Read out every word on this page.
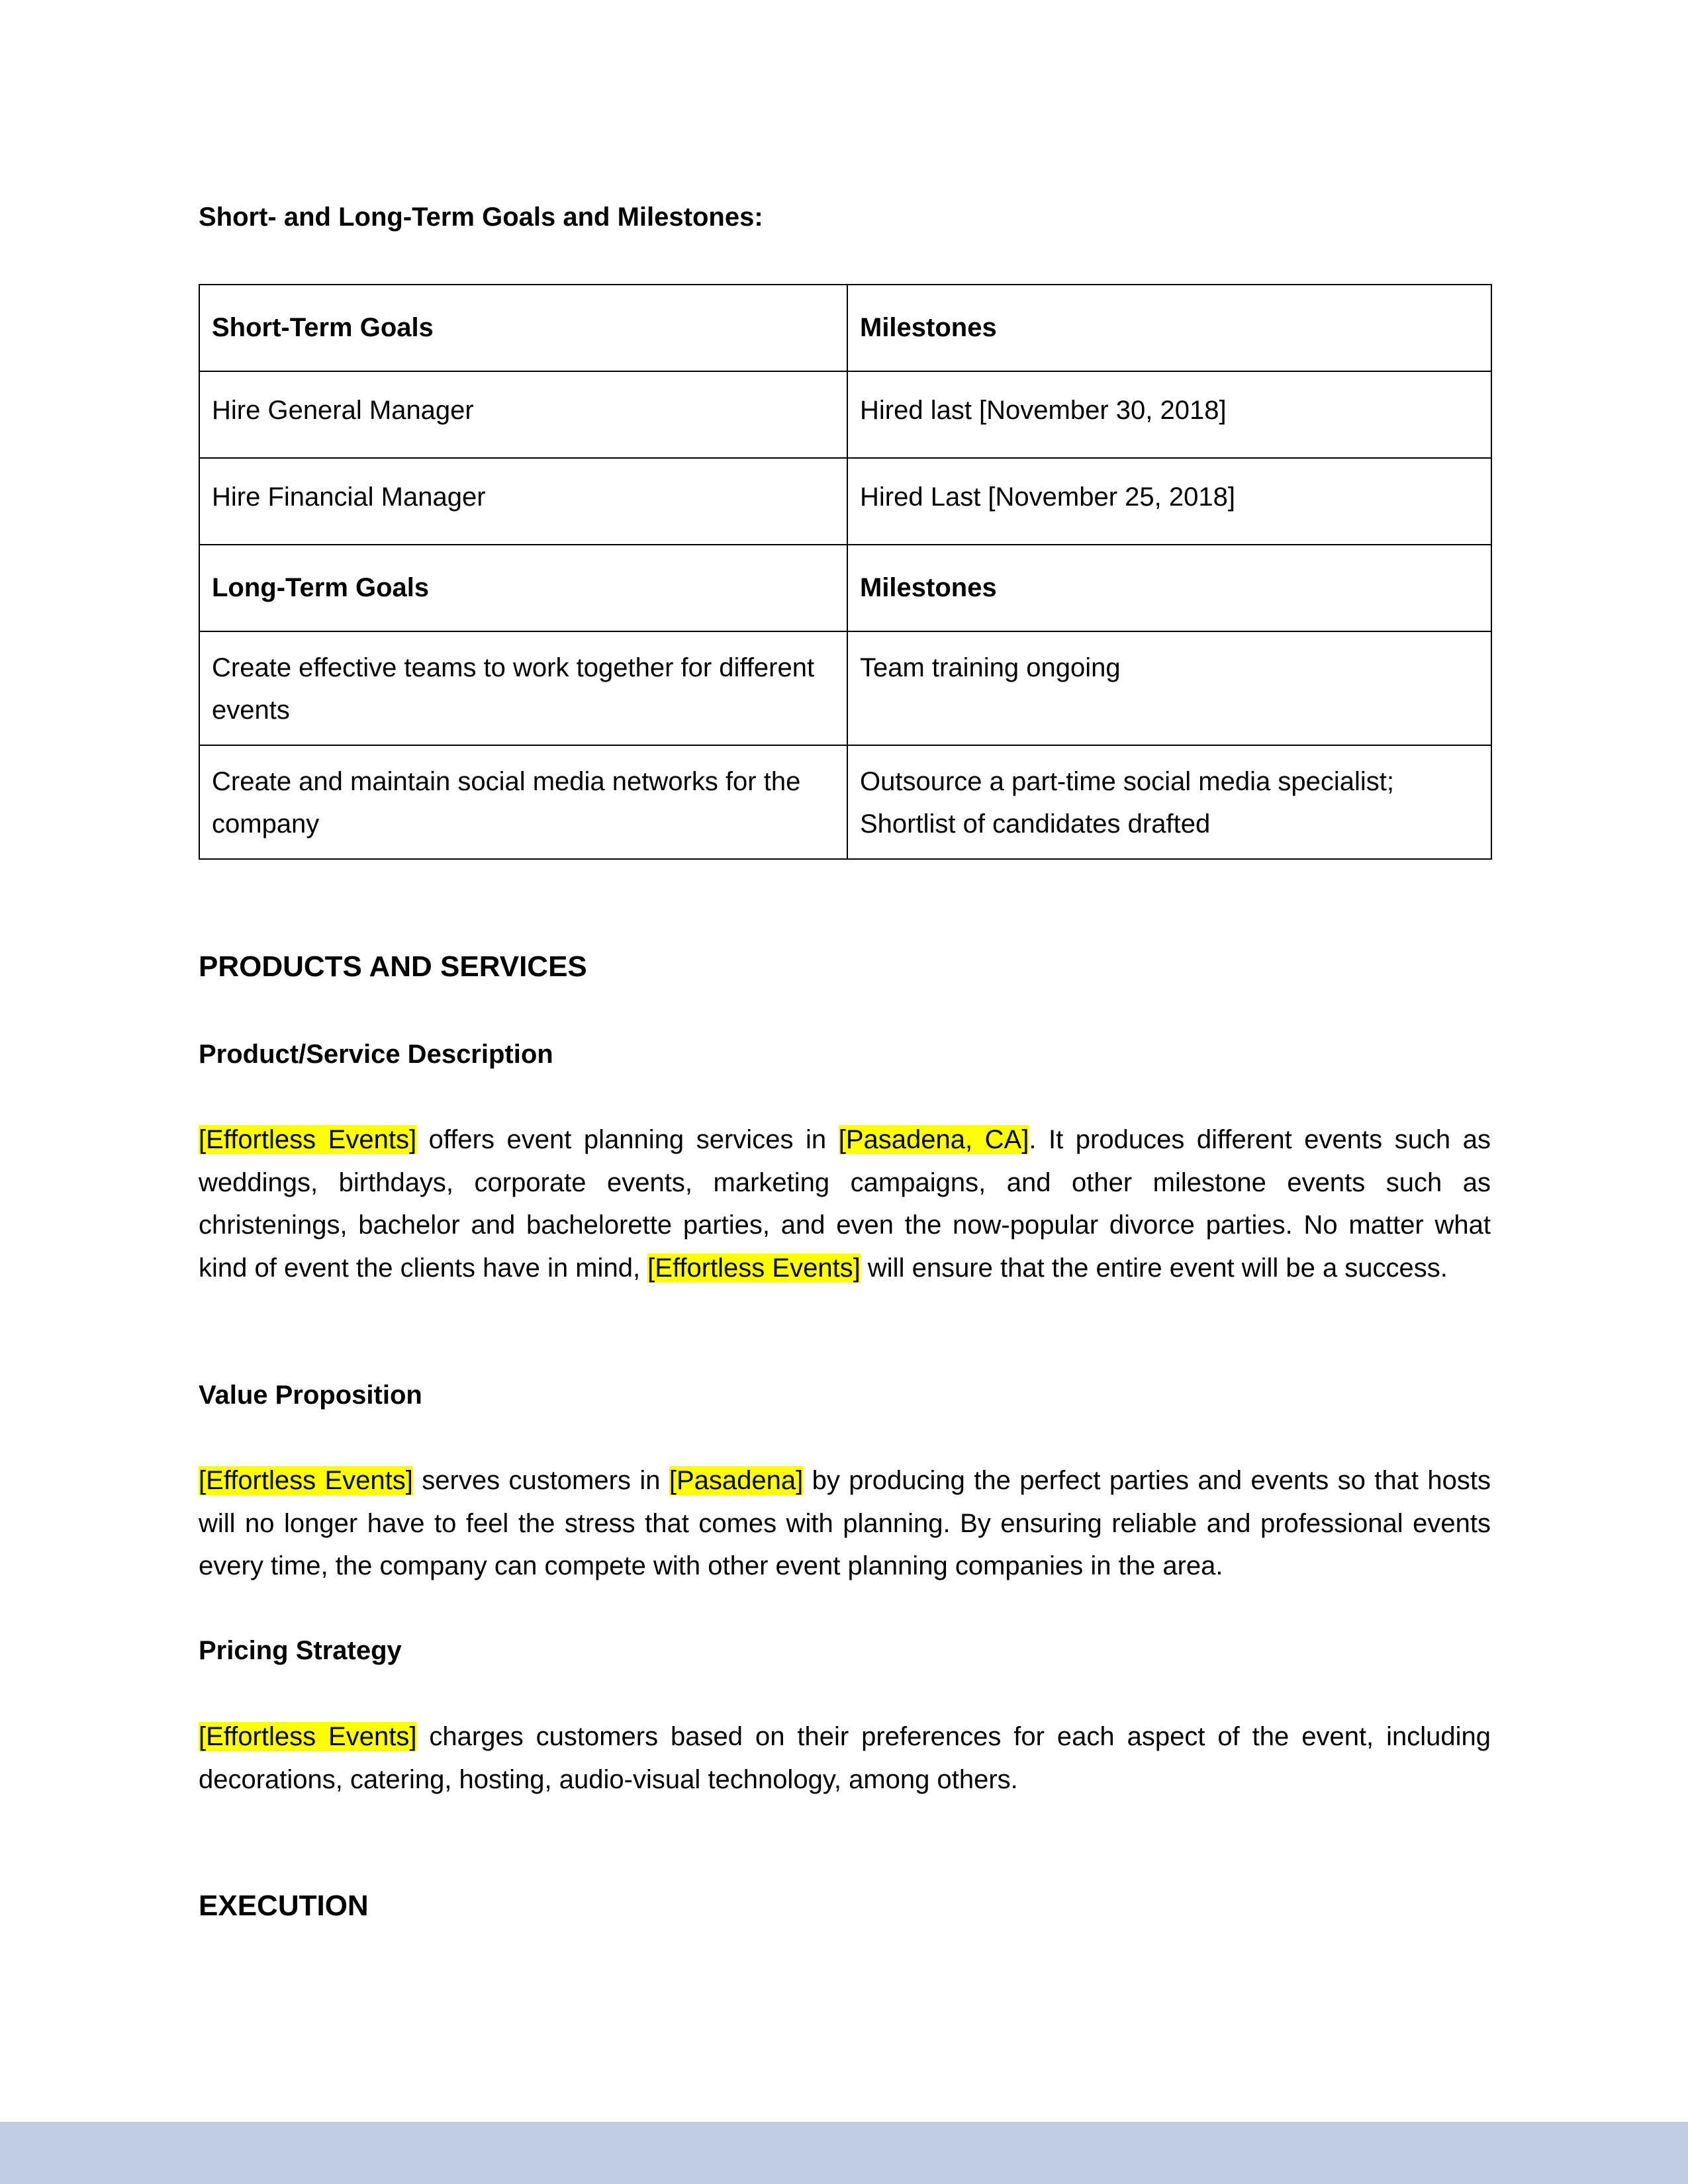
Short- and Long-Term Goals and Milestones:
Short-Term Goals	Milestones
Hire General Manager	Hired last [November 30, 2018]
Hire Financial Manager	Hired Last [November 25, 2018]
Long-Term Goals	Milestones
Create effective teams to work together for different events	Team training ongoing
Create and maintain social media networks for the company	Outsource a part-time social media specialist; Shortlist of candidates drafted
PRODUCTS AND SERVICES
Product/Service Description
[Effortless Events] offers event planning services in [Pasadena, CA]. It produces different events such as weddings, birthdays, corporate events, marketing campaigns, and other milestone events such as christenings, bachelor and bachelorette parties, and even the now-popular divorce parties. No matter what kind of event the clients have in mind, [Effortless Events] will ensure that the entire event will be a success.
Value Proposition
[Effortless Events] serves customers in [Pasadena] by producing the perfect parties and events so that hosts will no longer have to feel the stress that comes with planning. By ensuring reliable and professional events every time, the company can compete with other event planning companies in the area.
Pricing Strategy
[Effortless Events] charges customers based on their preferences for each aspect of the event, including decorations, catering, hosting, audio-visual technology, among others.
EXECUTION
